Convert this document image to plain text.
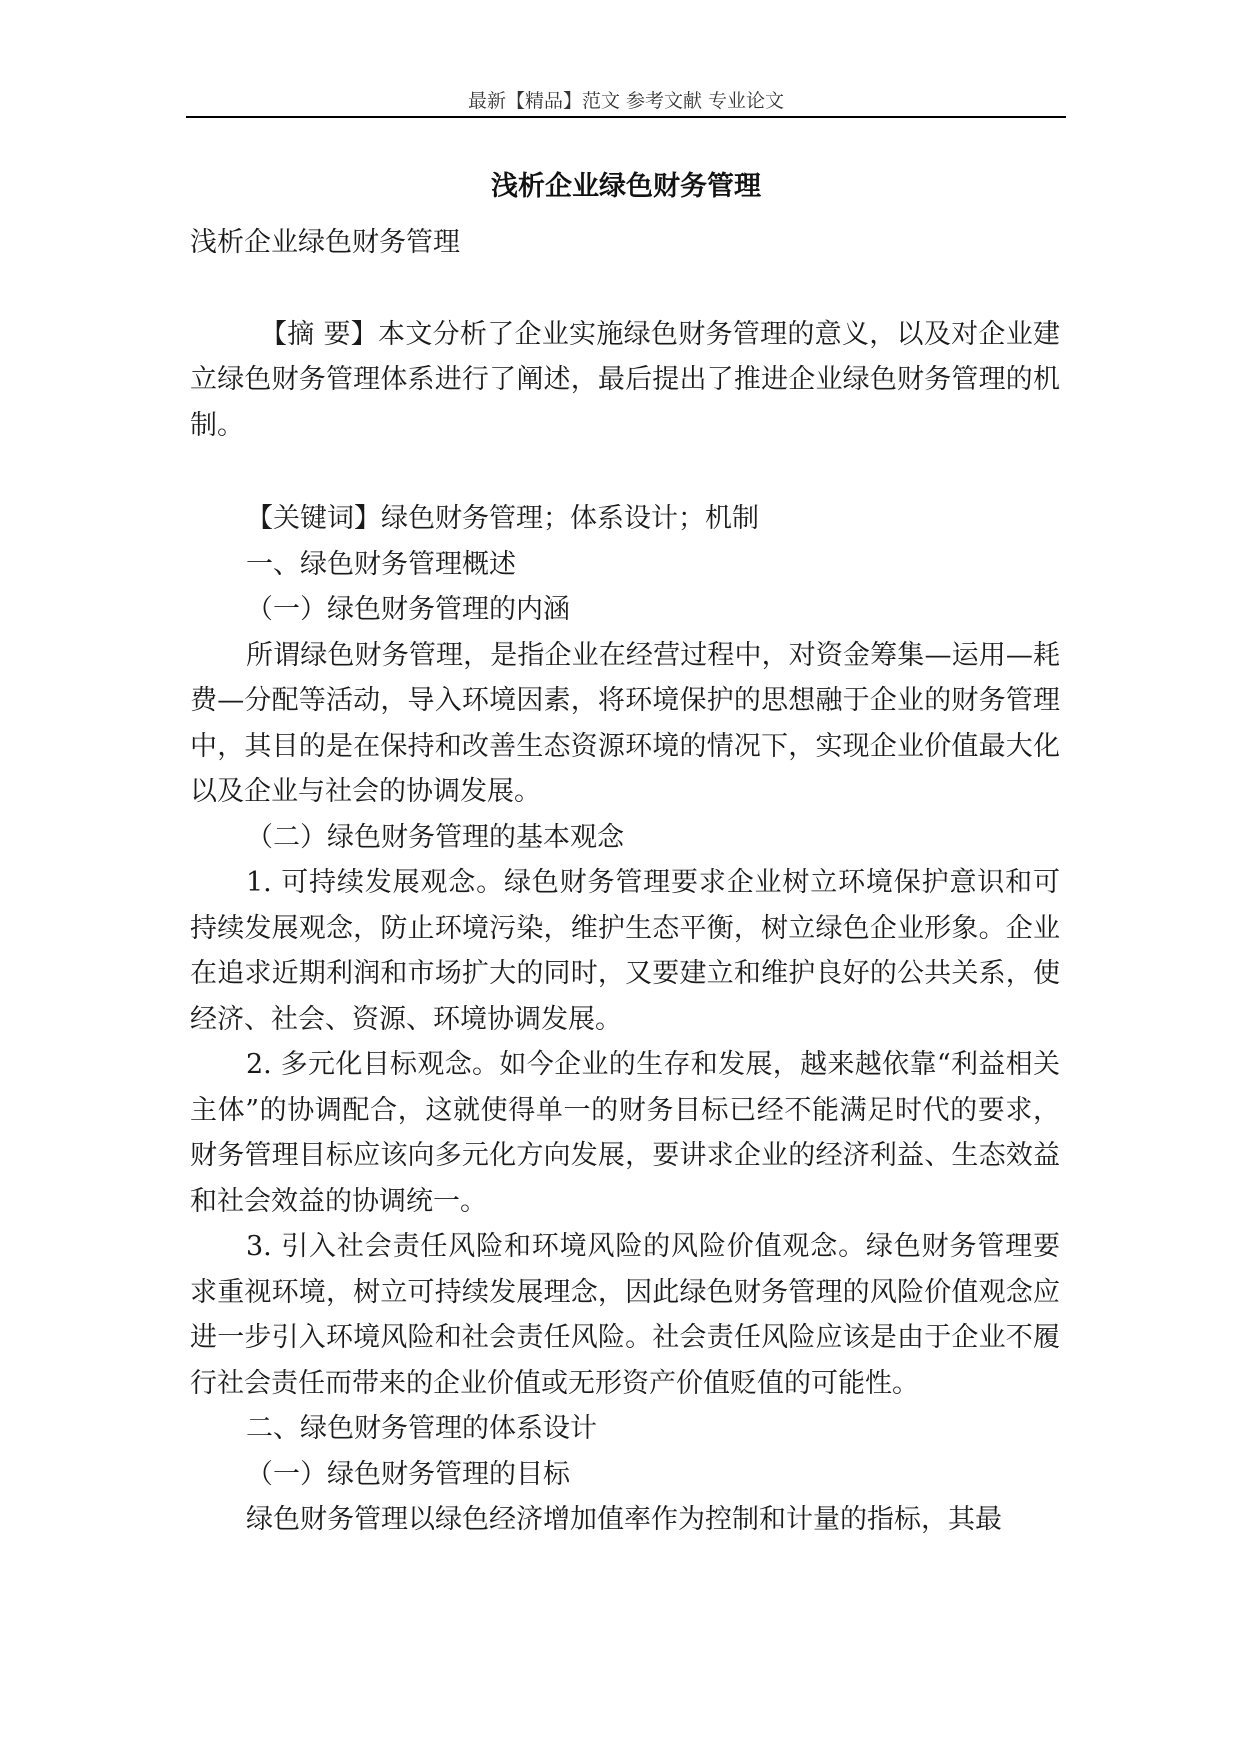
最新【精品】范文 参考文献 专业论文
浅析企业绿色财务管理

浅析企业绿色财务管理

【摘 要】本文分析了企业实施绿色财务管理的意义，以及对企业建立绿色财务管理体系进行了阐述，最后提出了推进企业绿色财务管理的机制。

【关键词】绿色财务管理；体系设计；机制

一、绿色财务管理概述

（一）绿色财务管理的内涵

所谓绿色财务管理，是指企业在经营过程中，对资金筹集—运用—耗费—分配等活动，导入环境因素，将环境保护的思想融于企业的财务管理中，其目的是在保持和改善生态资源环境的情况下，实现企业价值最大化以及企业与社会的协调发展。

（二）绿色财务管理的基本观念

1. 可持续发展观念。绿色财务管理要求企业树立环境保护意识和可持续发展观念，防止环境污染，维护生态平衡，树立绿色企业形象。企业在追求近期利润和市场扩大的同时，又要建立和维护良好的公共关系，使经济、社会、资源、环境协调发展。

2. 多元化目标观念。如今企业的生存和发展，越来越依靠“利益相关主体”的协调配合，这就使得单一的财务目标已经不能满足时代的要求，财务管理目标应该向多元化方向发展，要讲求企业的经济利益、生态效益和社会效益的协调统一。

3. 引入社会责任风险和环境风险的风险价值观念。绿色财务管理要求重视环境，树立可持续发展理念，因此绿色财务管理的风险价值观念应进一步引入环境风险和社会责任风险。社会责任风险应该是由于企业不履行社会责任而带来的企业价值或无形资产价值贬值的可能性。

二、绿色财务管理的体系设计

（一）绿色财务管理的目标

绿色财务管理以绿色经济增加值率作为控制和计量的指标，其最
